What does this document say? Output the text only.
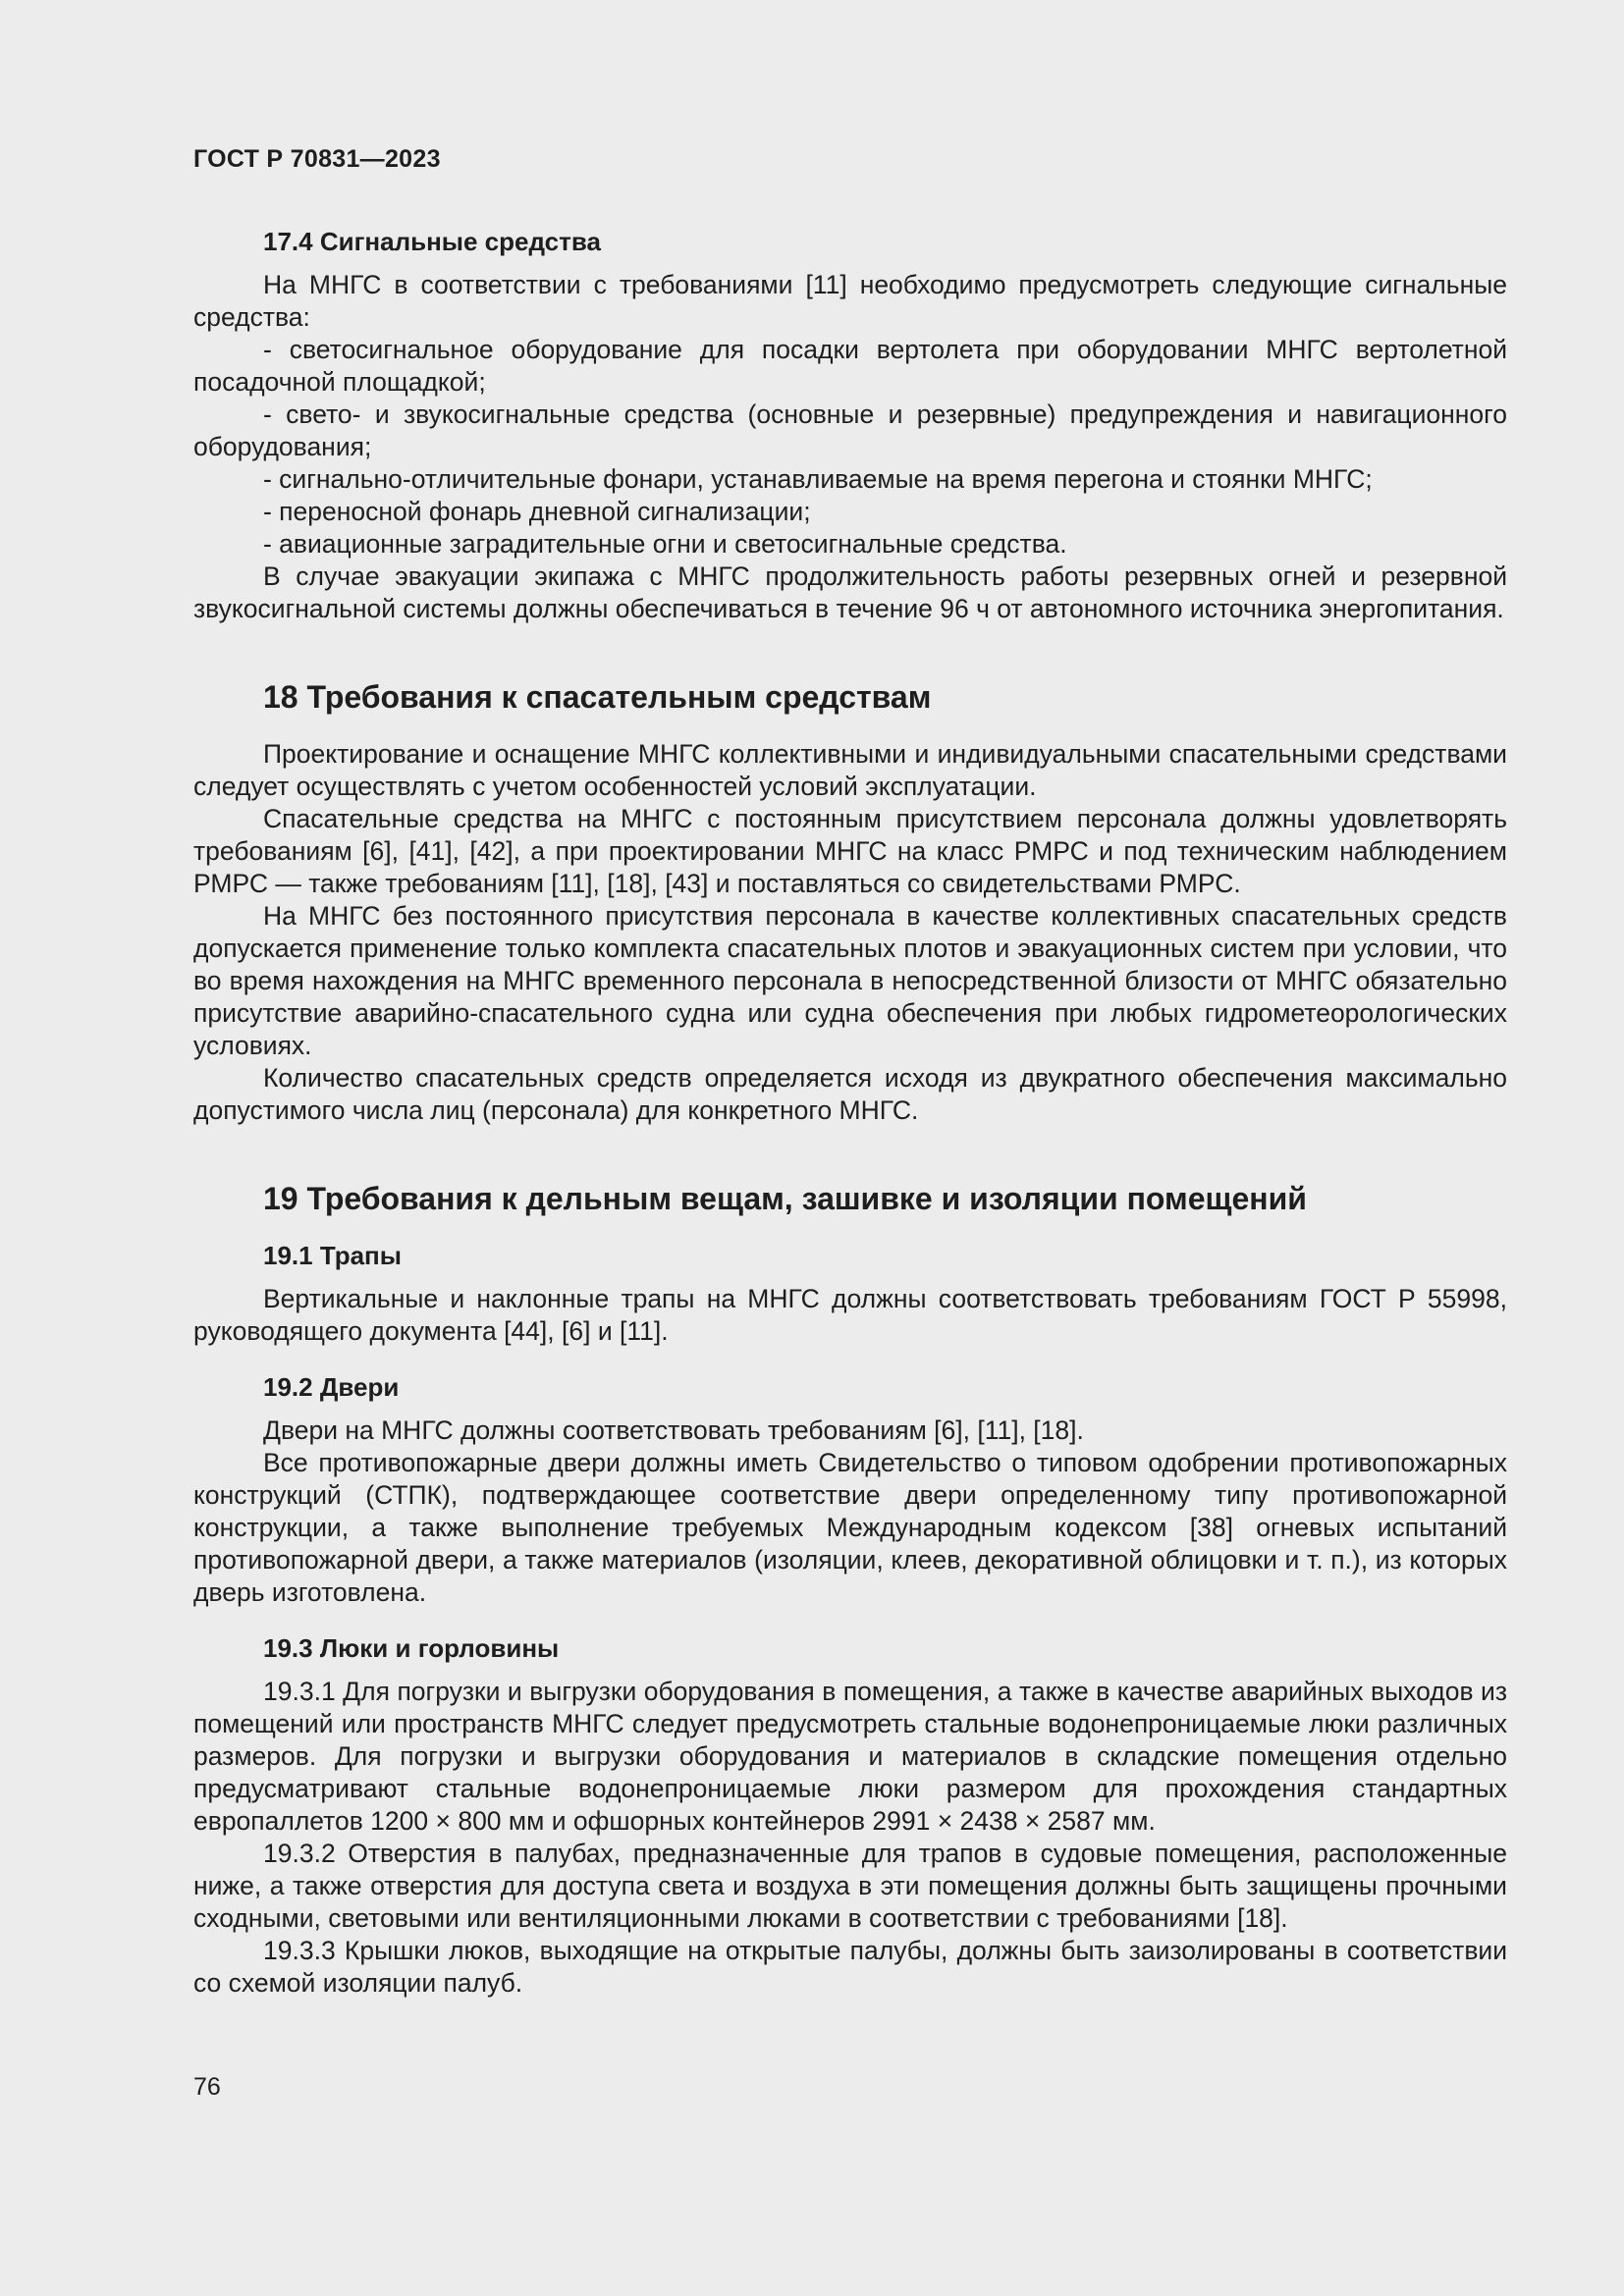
ГОСТ Р 70831—2023
17.4 Сигнальные средства

На МНГС в соответствии с требованиями [11] необходимо предусмотреть следующие сигнальные средства:

- светосигнальное оборудование для посадки вертолета при оборудовании МНГС вертолетной посадочной площадкой;

- свето- и звукосигнальные средства (основные и резервные) предупреждения и навигационного оборудования;

- сигнально-отличительные фонари, устанавливаемые на время перегона и стоянки МНГС;

- переносной фонарь дневной сигнализации;

- авиационные заградительные огни и светосигнальные средства.

В случае эвакуации экипажа с МНГС продолжительность работы резервных огней и резервной звукосигнальной системы должны обеспечиваться в течение 96 ч от автономного источника энергопитания.

18 Требования к спасательным средствам

Проектирование и оснащение МНГС коллективными и индивидуальными спасательными средствами следует осуществлять с учетом особенностей условий эксплуатации.

Спасательные средства на МНГС с постоянным присутствием персонала должны удовлетворять требованиям [6], [41], [42], а при проектировании МНГС на класс РМРС и под техническим наблюдением РМРС — также требованиям [11], [18], [43] и поставляться со свидетельствами РМРС.

На МНГС без постоянного присутствия персонала в качестве коллективных спасательных средств допускается применение только комплекта спасательных плотов и эвакуационных систем при условии, что во время нахождения на МНГС временного персонала в непосредственной близости от МНГС обязательно присутствие аварийно-спасательного судна или судна обеспечения при любых гидрометеорологических условиях.

Количество спасательных средств определяется исходя из двукратного обеспечения максимально допустимого числа лиц (персонала) для конкретного МНГС.

19 Требования к дельным вещам, зашивке и изоляции помещений
19.1 Трапы

Вертикальные и наклонные трапы на МНГС должны соответствовать требованиям ГОСТ Р 55998, руководящего документа [44], [6] и [11].

19.2 Двери

Двери на МНГС должны соответствовать требованиям [6], [11], [18].

Все противопожарные двери должны иметь Свидетельство о типовом одобрении противопожарных конструкций (СТПК), подтверждающее соответствие двери определенному типу противопожарной конструкции, а также выполнение требуемых Международным кодексом [38] огневых испытаний противопожарной двери, а также материалов (изоляции, клеев, декоративной облицовки и т. п.), из которых дверь изготовлена.

19.3 Люки и горловины

19.3.1 Для погрузки и выгрузки оборудования в помещения, а также в качестве аварийных выходов из помещений или пространств МНГС следует предусмотреть стальные водонепроницаемые люки различных размеров. Для погрузки и выгрузки оборудования и материалов в складские помещения отдельно предусматривают стальные водонепроницаемые люки размером для прохождения стандартных европаллетов 1200 × 800 мм и офшорных контейнеров 2991 × 2438 × 2587 мм.

19.3.2 Отверстия в палубах, предназначенные для трапов в судовые помещения, расположенные ниже, а также отверстия для доступа света и воздуха в эти помещения должны быть защищены прочными сходными, световыми или вентиляционными люками в соответствии с требованиями [18].

19.3.3 Крышки люков, выходящие на открытые палубы, должны быть заизолированы в соответствии со схемой изоляции палуб.

76
